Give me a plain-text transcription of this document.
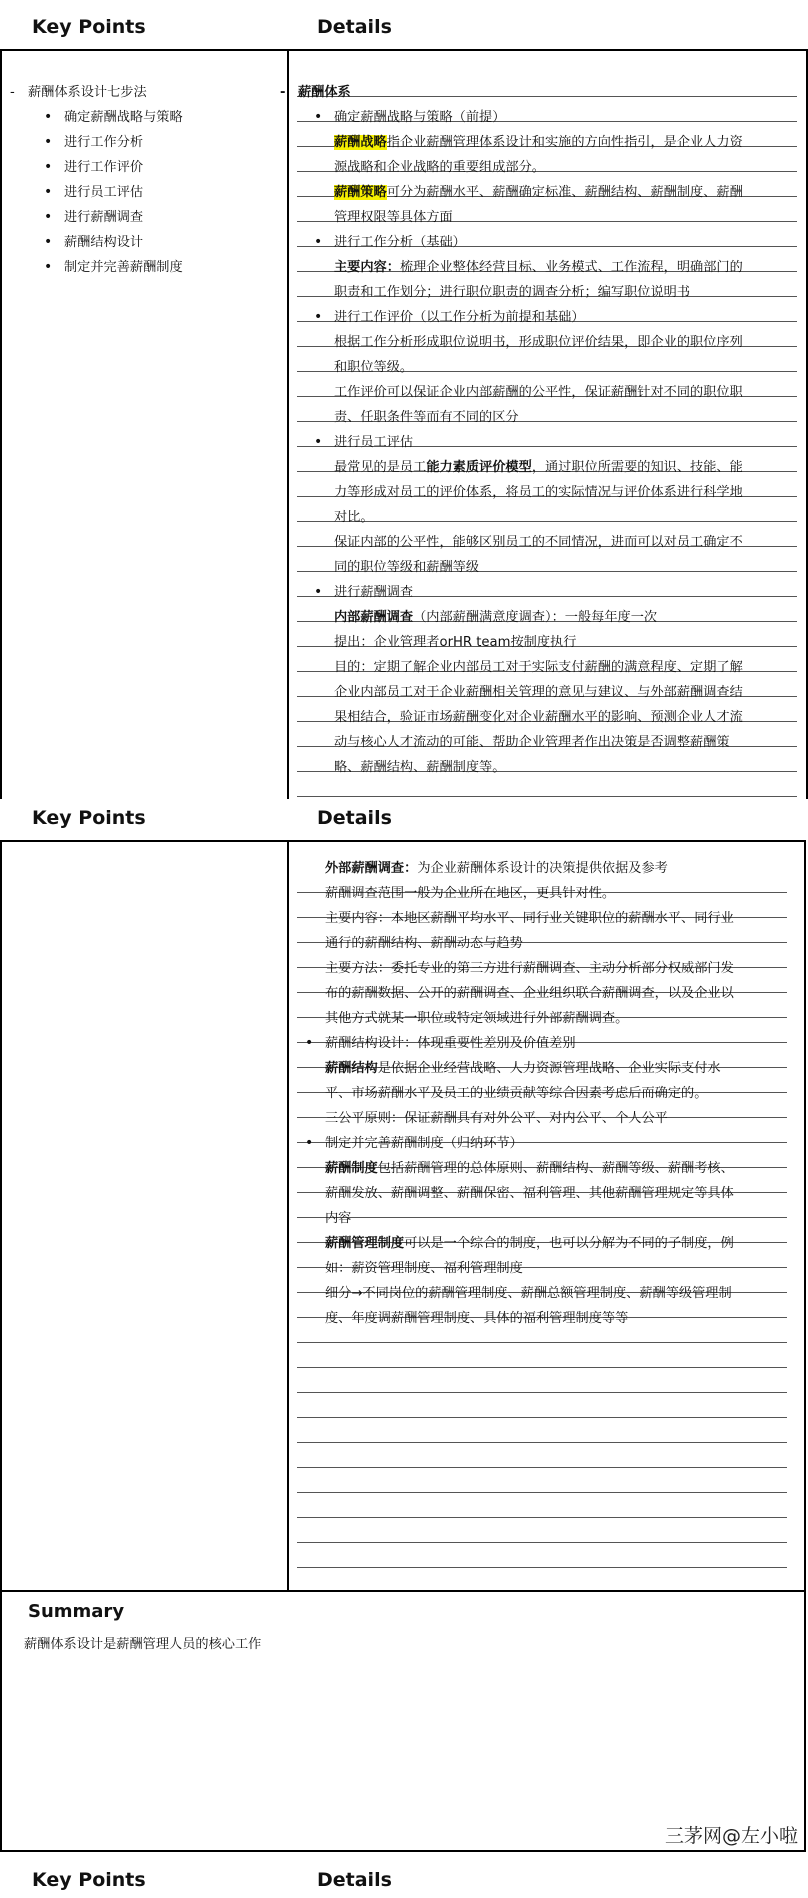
Key Points	Details
- 薪酬体系设计七步法
• 确定薪酬战略与策略
• 进行工作分析
• 进行工作评价
• 进行员工评估
• 进行薪酬调查
• 薪酬结构设计
• 制定并完善薪酬制度
- 薪酬体系
• 确定薪酬战略与策略（前提）
薪酬战略指企业薪酬管理体系设计和实施的方向性指引，是企业人力资
源战略和企业战略的重要组成部分。
薪酬策略可分为薪酬水平、薪酬确定标准、薪酬结构、薪酬制度、薪酬
管理权限等具体方面
• 进行工作分析（基础）
主要内容：梳理企业整体经营目标、业务模式、工作流程，明确部门的
职责和工作划分；进行职位职责的调查分析；编写职位说明书
• 进行工作评价（以工作分析为前提和基础）
根据工作分析形成职位说明书，形成职位评价结果，即企业的职位序列
和职位等级。
工作评价可以保证企业内部薪酬的公平性，保证薪酬针对不同的职位职
责、任职条件等而有不同的区分
• 进行员工评估
最常见的是员工能力素质评价模型，通过职位所需要的知识、技能、能
力等形成对员工的评价体系，将员工的实际情况与评价体系进行科学地
对比。
保证内部的公平性，能够区别员工的不同情况，进而可以对员工确定不
同的职位等级和薪酬等级
• 进行薪酬调查
内部薪酬调查（内部薪酬满意度调查）：一般每年度一次
提出：企业管理者orHR team按制度执行
目的：定期了解企业内部员工对于实际支付薪酬的满意程度、定期了解
企业内部员工对于企业薪酬相关管理的意见与建议、与外部薪酬调查结
果相结合，验证市场薪酬变化对企业薪酬水平的影响、预测企业人才流
动与核心人才流动的可能、帮助企业管理者作出决策是否调整薪酬策
略、薪酬结构、薪酬制度等。
Key Points	Details
外部薪酬调查：为企业薪酬体系设计的决策提供依据及参考
薪酬调查范围一般为企业所在地区，更具针对性。
主要内容：本地区薪酬平均水平、同行业关键职位的薪酬水平、同行业
通行的薪酬结构、薪酬动态与趋势
主要方法：委托专业的第三方进行薪酬调查、主动分析部分权威部门发
布的薪酬数据、公开的薪酬调查、企业组织联合薪酬调查，以及企业以
其他方式就某一职位或特定领域进行外部薪酬调查。
• 薪酬结构设计：体现重要性差别及价值差别
薪酬结构是依据企业经营战略、人力资源管理战略、企业实际支付水
平、市场薪酬水平及员工的业绩贡献等综合因素考虑后而确定的。
三公平原则：保证薪酬具有对外公平、对内公平、个人公平
• 制定并完善薪酬制度（归纳环节）
薪酬制度包括薪酬管理的总体原则、薪酬结构、薪酬等级、薪酬考核、
薪酬发放、薪酬调整、薪酬保密、福利管理、其他薪酬管理规定等具体
内容
薪酬管理制度可以是一个综合的制度，也可以分解为不同的子制度，例
如：薪资管理制度、福利管理制度
细分→不同岗位的薪酬管理制度、薪酬总额管理制度、薪酬等级管理制
度、年度调薪酬管理制度、具体的福利管理制度等等
Summary
薪酬体系设计是薪酬管理人员的核心工作
Key Points	Details
三茅网@左小啦
